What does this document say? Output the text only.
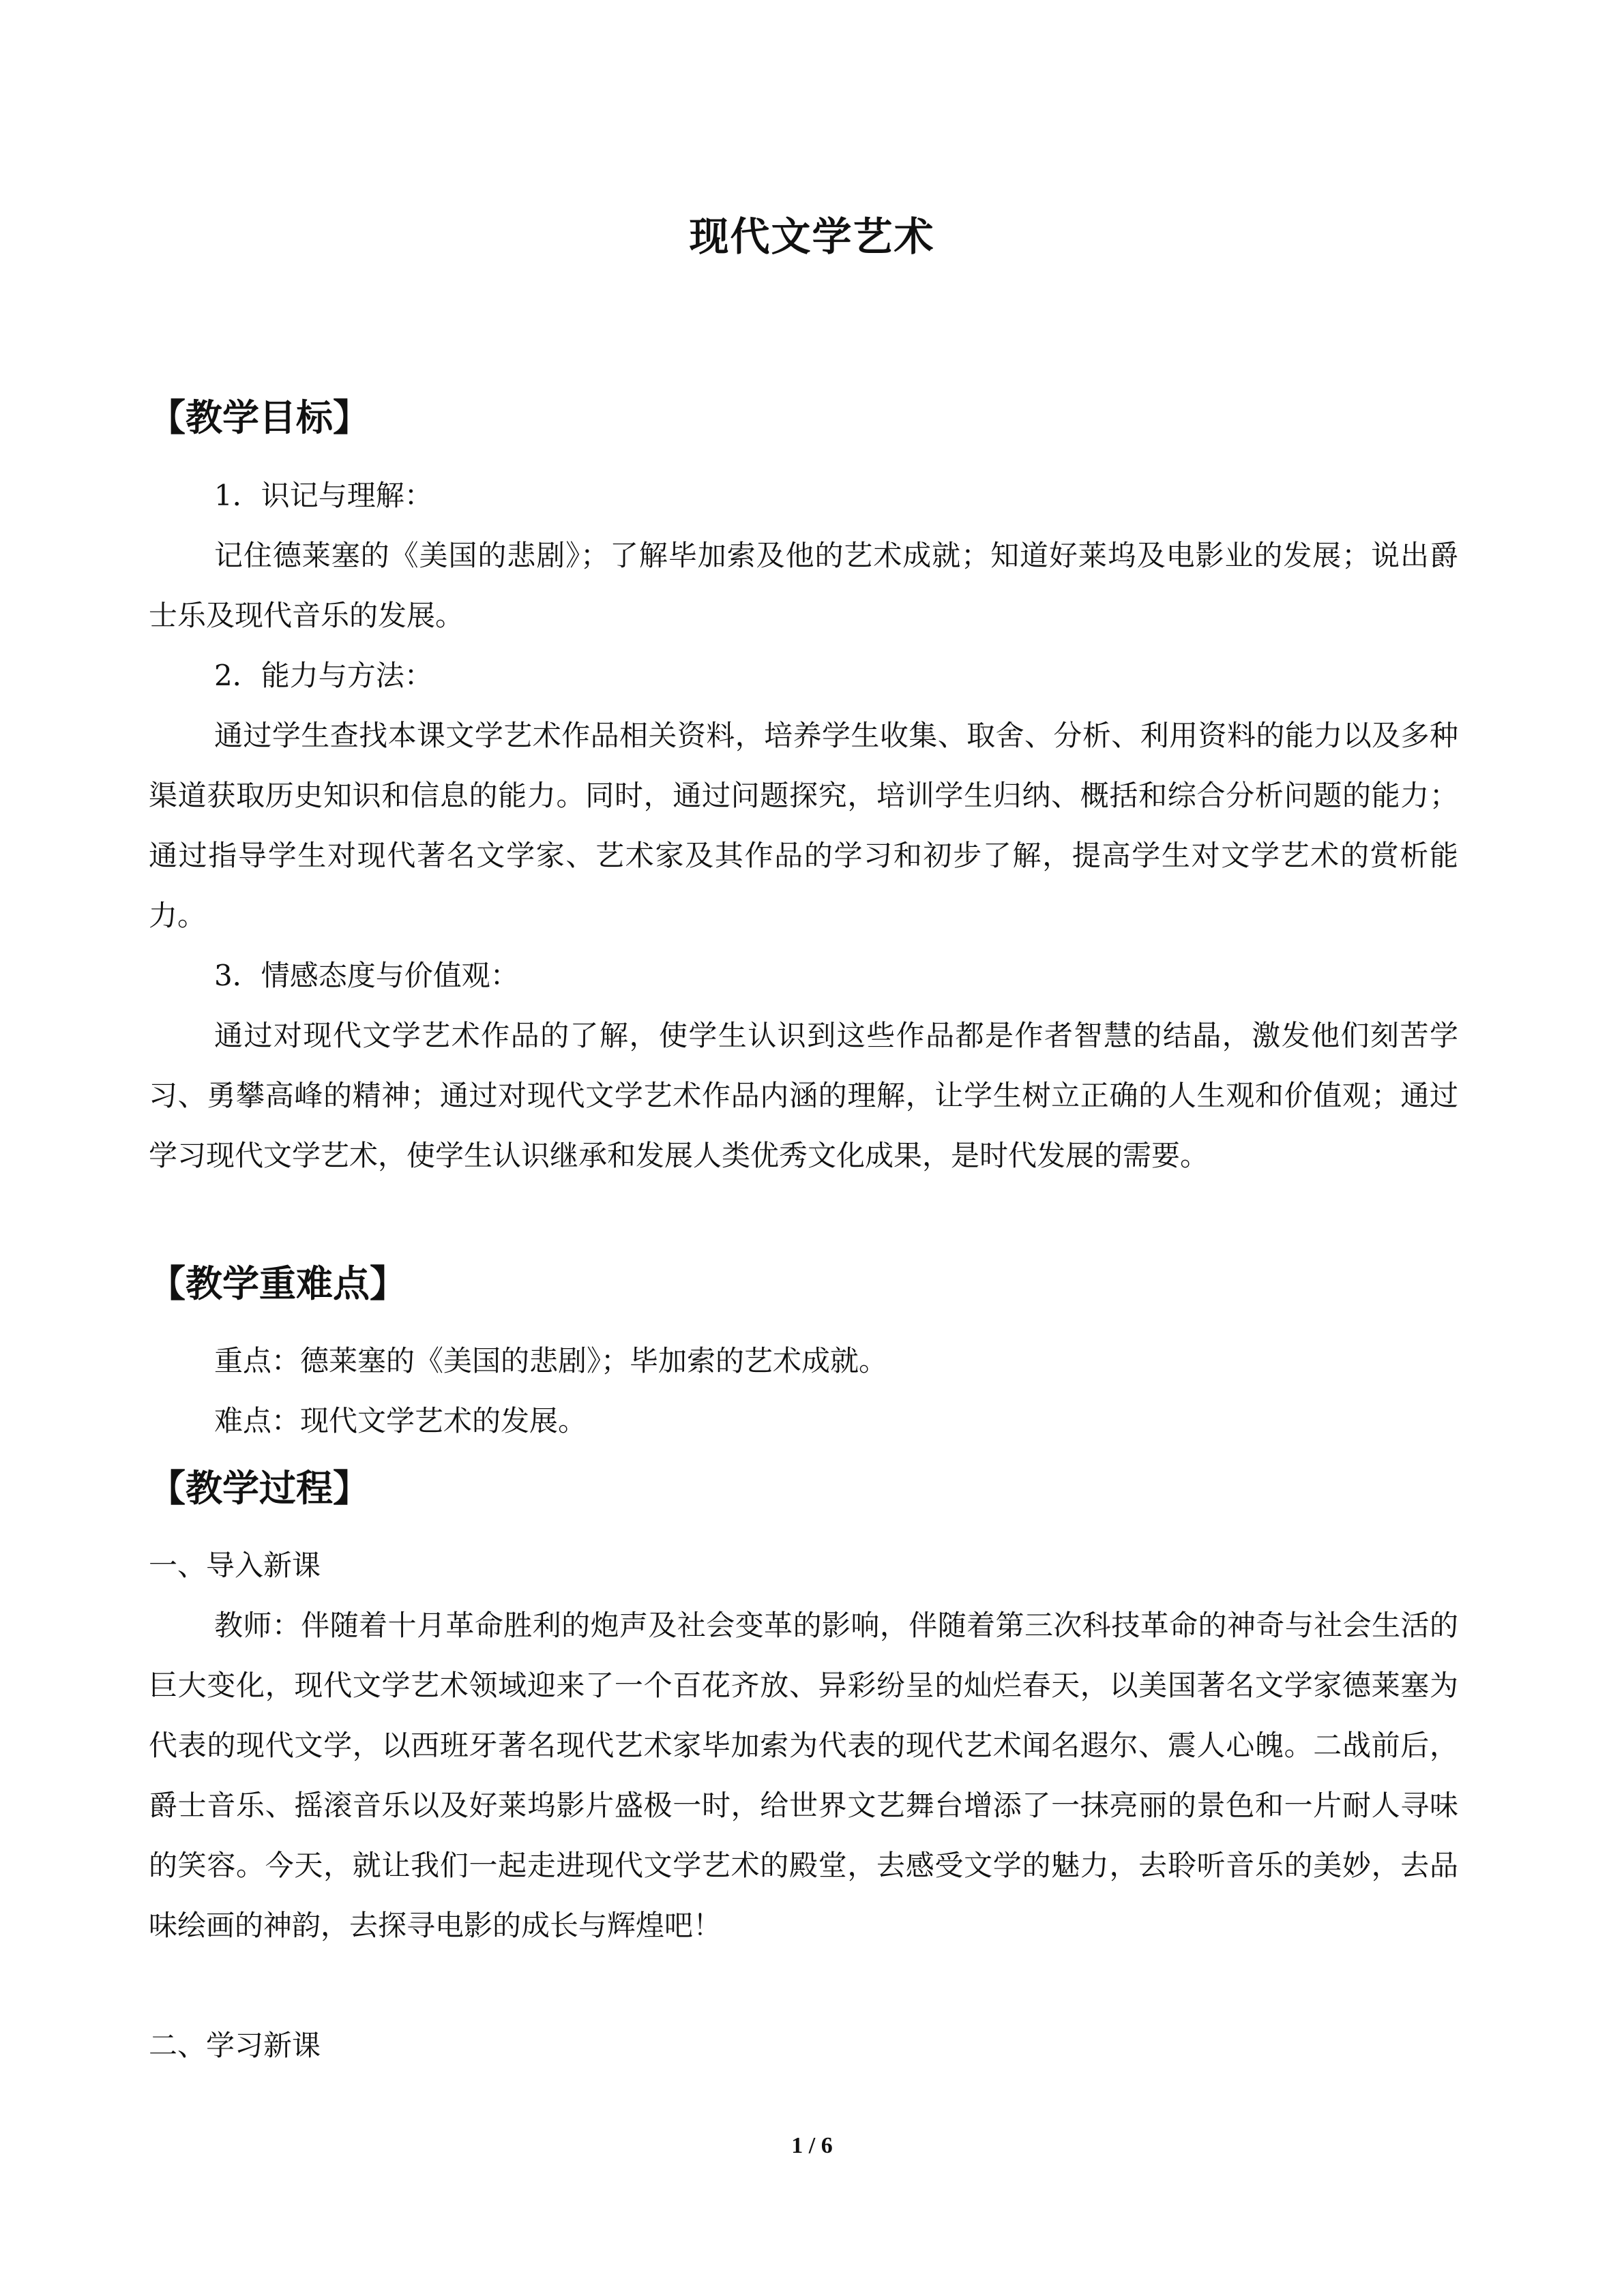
现代文学艺术
【教学目标】
1．识记与理解：
记住德莱塞的《美国的悲剧》；了解毕加索及他的艺术成就；知道好莱坞及电影业的发展；说出爵士乐及现代音乐的发展。
2．能力与方法：
通过学生查找本课文学艺术作品相关资料，培养学生收集、取舍、分析、利用资料的能力以及多种渠道获取历史知识和信息的能力。同时，通过问题探究，培训学生归纳、概括和综合分析问题的能力；通过指导学生对现代著名文学家、艺术家及其作品的学习和初步了解，提高学生对文学艺术的赏析能力。
3．情感态度与价值观：
通过对现代文学艺术作品的了解，使学生认识到这些作品都是作者智慧的结晶，激发他们刻苦学习、勇攀高峰的精神；通过对现代文学艺术作品内涵的理解，让学生树立正确的人生观和价值观；通过学习现代文学艺术，使学生认识继承和发展人类优秀文化成果，是时代发展的需要。
【教学重难点】
重点：德莱塞的《美国的悲剧》；毕加索的艺术成就。
难点：现代文学艺术的发展。
【教学过程】
一、导入新课
教师：伴随着十月革命胜利的炮声及社会变革的影响，伴随着第三次科技革命的神奇与社会生活的巨大变化，现代文学艺术领域迎来了一个百花齐放、异彩纷呈的灿烂春天，以美国著名文学家德莱塞为代表的现代文学，以西班牙著名现代艺术家毕加索为代表的现代艺术闻名遐尔、震人心魄。二战前后，爵士音乐、摇滚音乐以及好莱坞影片盛极一时，给世界文艺舞台增添了一抹亮丽的景色和一片耐人寻味的笑容。今天，就让我们一起走进现代文学艺术的殿堂，去感受文学的魅力，去聆听音乐的美妙，去品味绘画的神韵，去探寻电影的成长与辉煌吧！
二、学习新课
1 / 6
